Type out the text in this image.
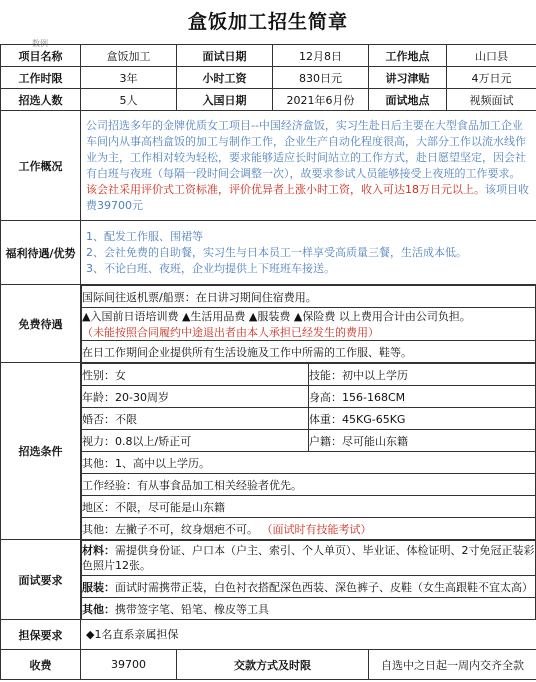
盒饭加工招生简章
数例
项目名称	盒饭加工	面试日期	12月8日	工作地点	山口县
工作时限	3年	小时工资	830日元	讲习津贴	4万日元
招选人数	5人	入国日期	2021年6月份	面试地点	视频面试
工作概况	公司招选多年的金牌优质女工项目--中国经济盒饭，实习生赴日后主要在大型食品加工企业车间内从事高档盒饭的加工与制作工作，企业生产自动化程度很高，大部分工作以流水线作业为主，工作相对较为轻松，要求能够适应长时间站立的工作方式，赴日愿望坚定，因会社有白班与夜班（每隔一段时间会调整一次），故要求参试人员能够接受上夜班的工作要求。该会社采用评价式工资标准，评价优异者上涨小时工资，收入可达18万日元以上。该项目收费39700元
福利待遇/优势	
1、配发工作服、围裙等
2、会社免费的自助餐，实习生与日本员工一样享受高质量三餐，生活成本低。
3、不论白班、夜班，企业均提供上下班班车接送。

免费待遇	
国际间往返机票/船票：在日讲习期间住宿费用。

▲入国前日语培训费 ▲生活用品费 ▲服装费 ▲保险费 以上费用合计由公司负担。
（未能按照合同履约中途退出者由本人承担已经发生的费用）

在日工作期间企业提供所有生活设施及工作中所需的工作服、鞋等。

招选条件	
性别：女	技能：初中以上学历
年龄：20-30周岁	身高：156-168CM
婚否：不限	体重：45KG-65KG
视力：0.8以上/矫正可	户籍：尽可能山东籍
其他：1、高中以上学历。
工作经验：有从事食品加工相关经验者优先。
地区：不限，尽可能是山东籍
其他：左撇子不可，纹身烟疤不可。 （面试时有技能考试）

面试要求	
材料：需提供身份证、户口本（户主、索引、个人单页）、毕业证、体检证明、2寸免冠正装彩色照片12张。
服装：面试时需携带正装，白色衬衣搭配深色西装、深色裤子、皮鞋（女生高跟鞋不宜太高）
其他：携带签字笔、铅笔、橡皮等工具

担保要求	◆1名直系亲属担保
收费	39700	交款方式及时限	自选中之日起一周内交齐全款
